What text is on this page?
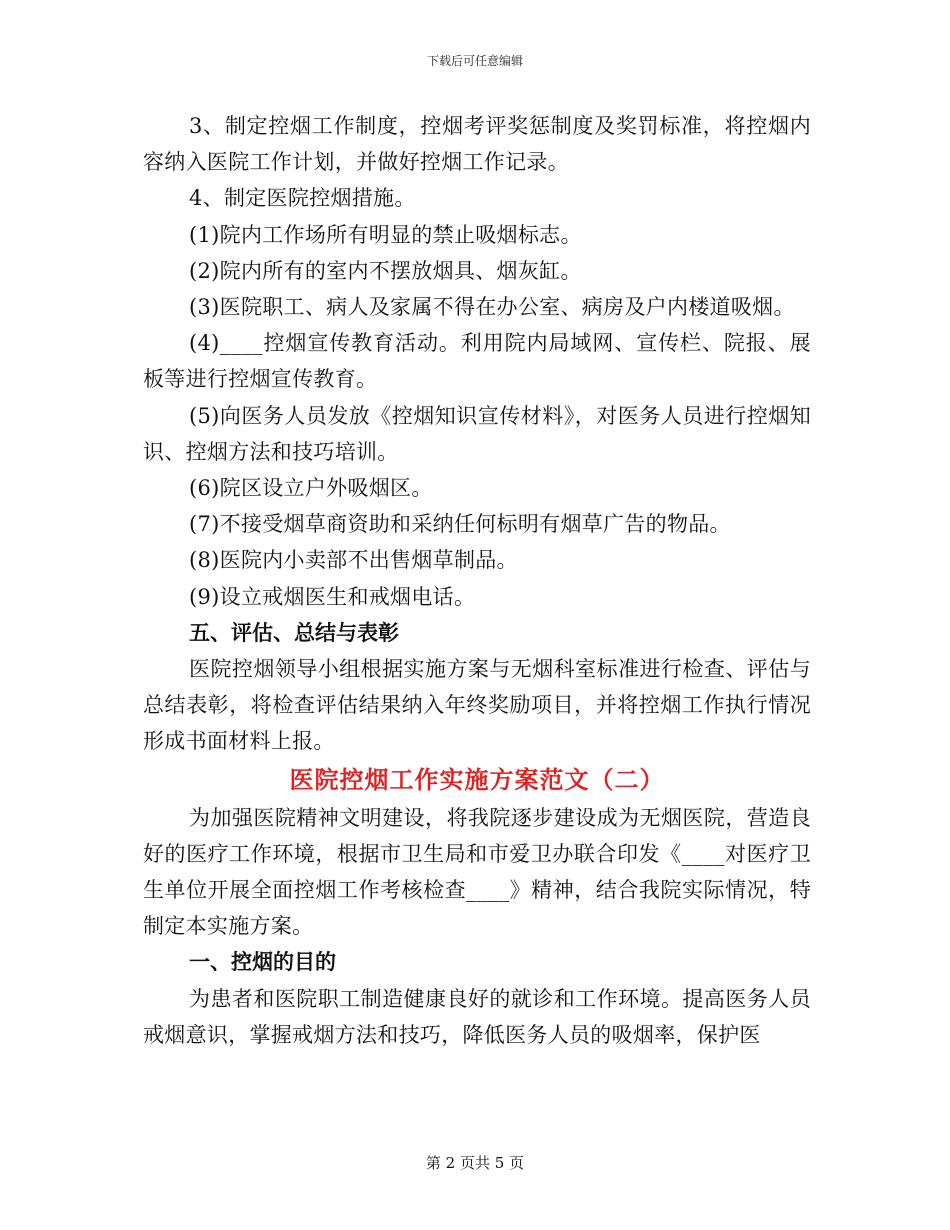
下载后可任意编辑

3、制定控烟工作制度，控烟考评奖惩制度及奖罚标准，将控烟内容纳入医院工作计划，并做好控烟工作记录。

4、制定医院控烟措施。

(1)院内工作场所有明显的禁止吸烟标志。

(2)院内所有的室内不摆放烟具、烟灰缸。

(3)医院职工、病人及家属不得在办公室、病房及户内楼道吸烟。

(4)____控烟宣传教育活动。利用院内局域网、宣传栏、院报、展板等进行控烟宣传教育。

(5)向医务人员发放《控烟知识宣传材料》，对医务人员进行控烟知识、控烟方法和技巧培训。

(6)院区设立户外吸烟区。

(7)不接受烟草商资助和采纳任何标明有烟草广告的物品。

(8)医院内小卖部不出售烟草制品。

(9)设立戒烟医生和戒烟电话。

五、评估、总结与表彰

医院控烟领导小组根据实施方案与无烟科室标准进行检查、评估与总结表彰，将检查评估结果纳入年终奖励项目，并将控烟工作执行情况形成书面材料上报。

医院控烟工作实施方案范文（二）

为加强医院精神文明建设，将我院逐步建设成为无烟医院，营造良好的医疗工作环境，根据市卫生局和市爱卫办联合印发《____对医疗卫生单位开展全面控烟工作考核检查____》精神，结合我院实际情况，特制定本实施方案。

一、控烟的目的

为患者和医院职工制造健康良好的就诊和工作环境。提高医务人员戒烟意识，掌握戒烟方法和技巧，降低医务人员的吸烟率，保护医

第 2 页共 5 页
